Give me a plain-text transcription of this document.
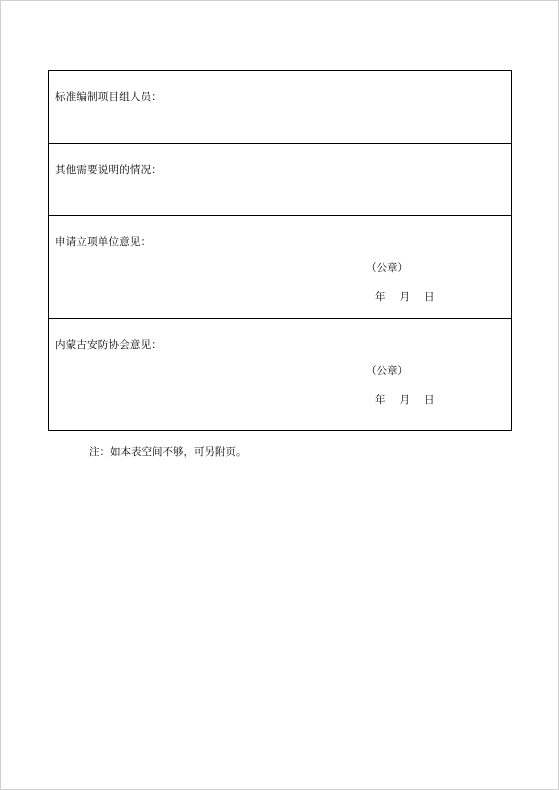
标准编制项目组人员：
其他需要说明的情况：
申请立项单位意见：
（公章）
年 月 日
内蒙古安防协会意见：
（公章）
年 月 日
注：如本表空间不够，可另附页。
